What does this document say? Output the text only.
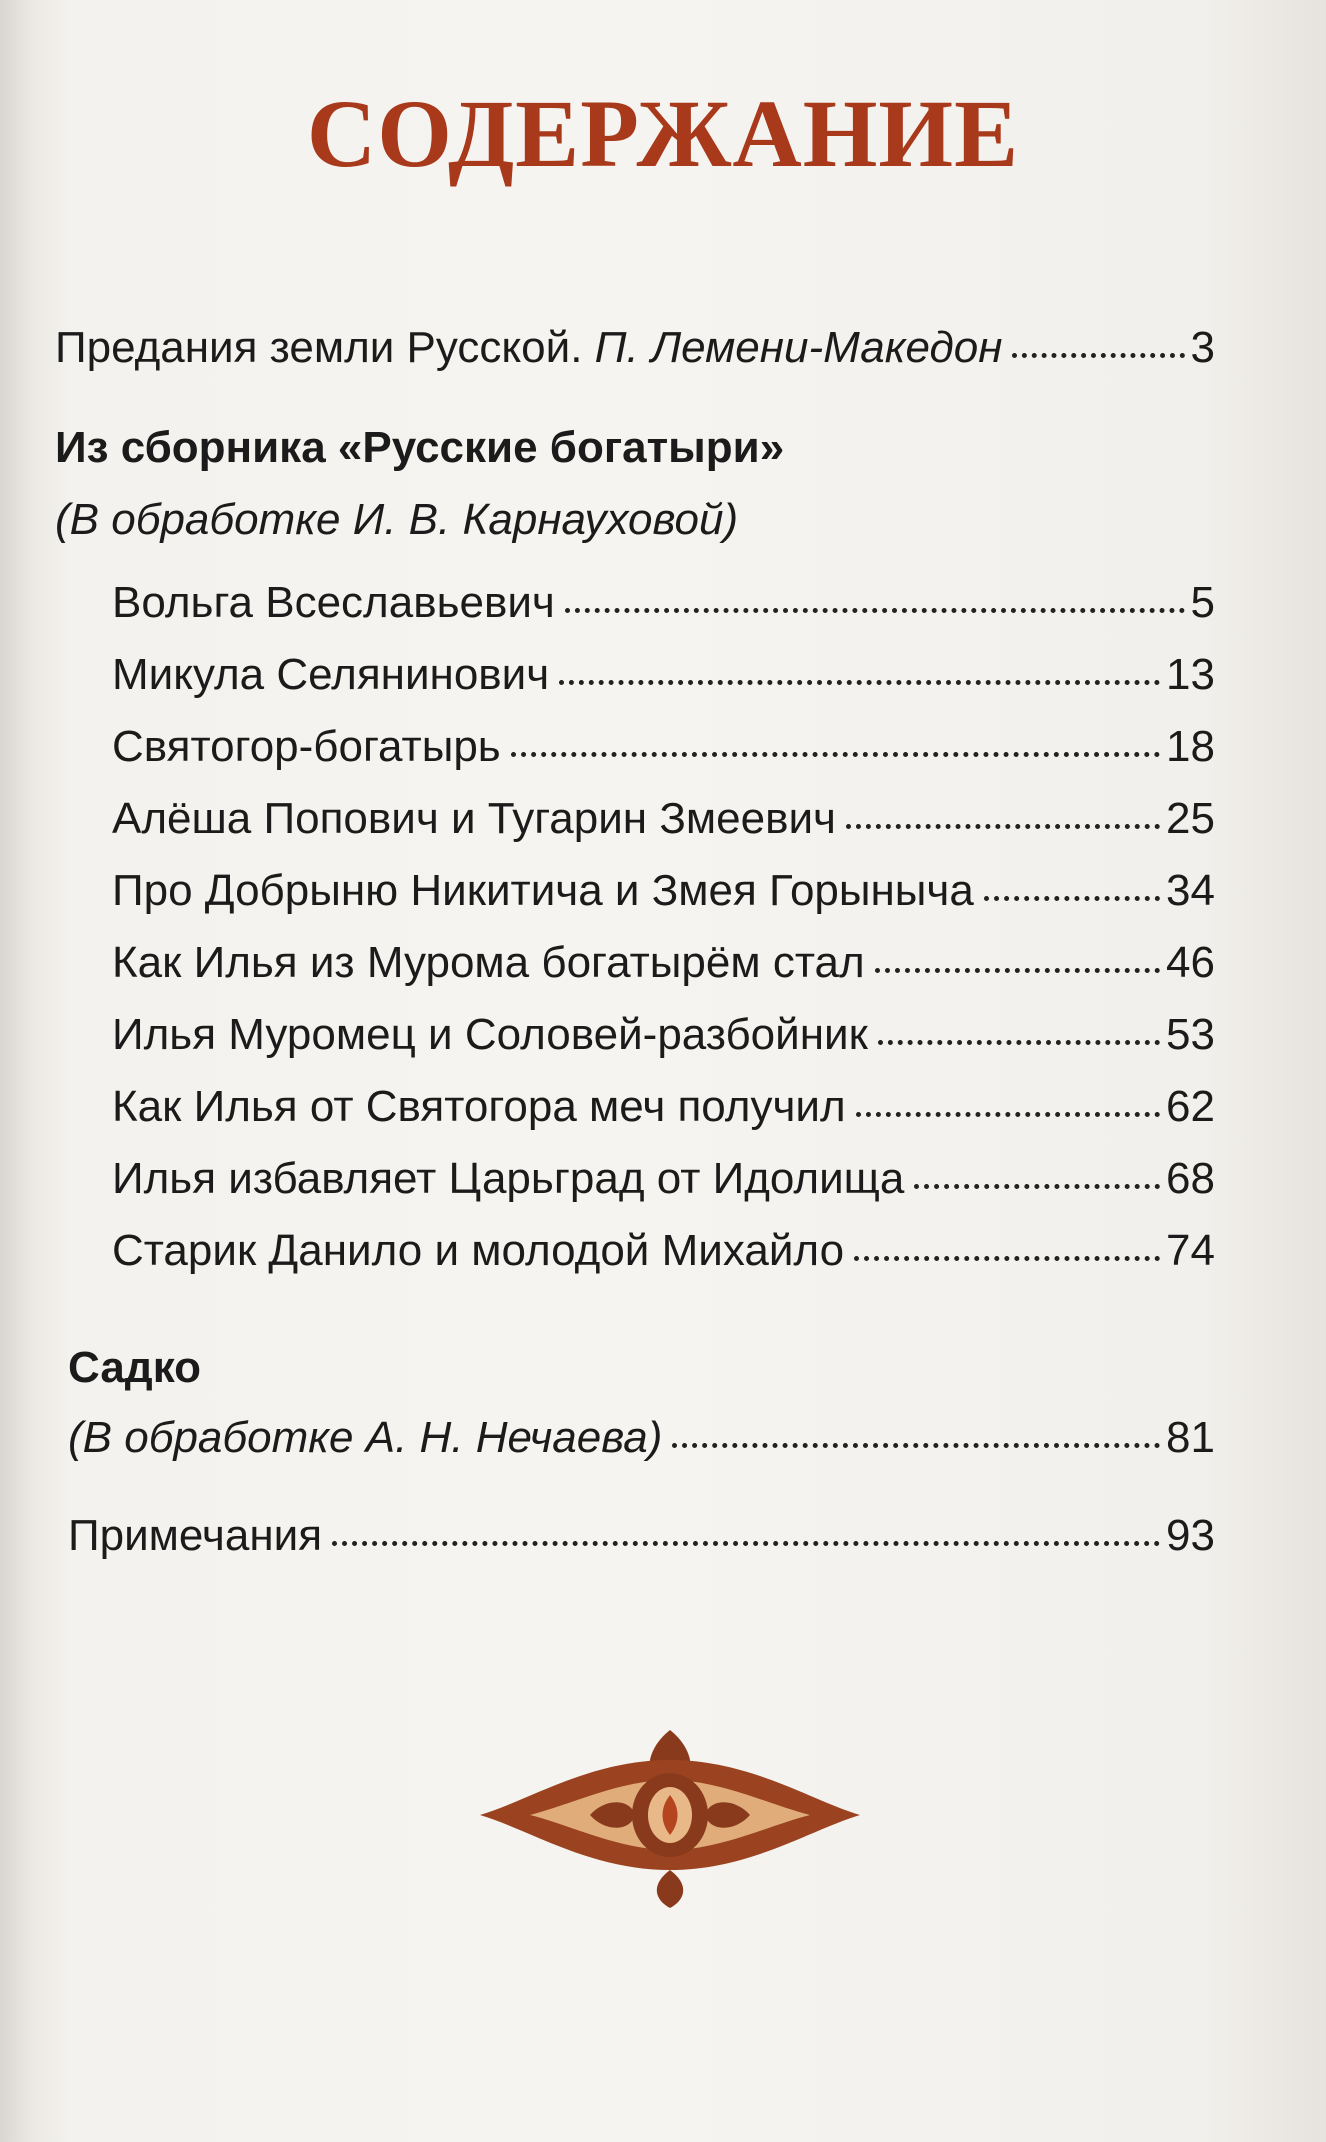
СОДЕРЖАНИЕ
Предания земли Русской. П. Лемени-Македон	3
Из сборника «Русские богатыри»
(В обработке И. В. Карнауховой)
Вольга Всеславьевич	5
Микула Селянинович	13
Святогор-богатырь	18
Алёша Попович и Тугарин Змеевич	25
Про Добрыню Никитича и Змея Горыныча	34
Как Илья из Мурома богатырём стал	46
Илья Муромец и Соловей-разбойник	53
Как Илья от Святогора меч получил	62
Илья избавляет Царьград от Идолища	68
Старик Данило и молодой Михайло	74
Садко
(В обработке А. Н. Нечаева)	81
Примечания	93
